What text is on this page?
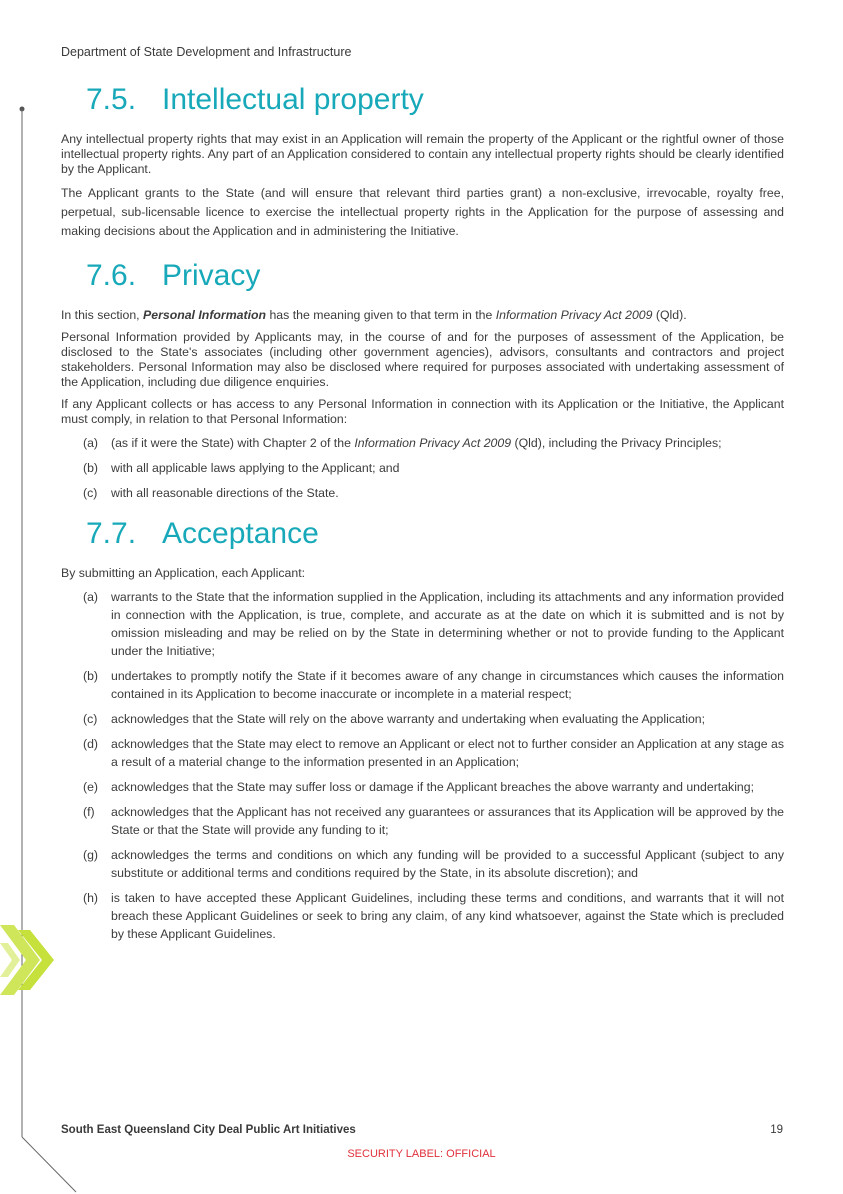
Department of State Development and Infrastructure
7.5. Intellectual property

Any intellectual property rights that may exist in an Application will remain the property of the Applicant or the rightful owner of those intellectual property rights. Any part of an Application considered to contain any intellectual property rights should be clearly identified by the Applicant.

The Applicant grants to the State (and will ensure that relevant third parties grant) a non-exclusive, irrevocable, royalty free, perpetual, sub-licensable licence to exercise the intellectual property rights in the Application for the purpose of assessing and making decisions about the Application and in administering the Initiative.

7.6. Privacy

In this section, Personal Information has the meaning given to that term in the Information Privacy Act 2009 (Qld).

Personal Information provided by Applicants may, in the course of and for the purposes of assessment of the Application, be disclosed to the State's associates (including other government agencies), advisors, consultants and contractors and project stakeholders. Personal Information may also be disclosed where required for purposes associated with undertaking assessment of the Application, including due diligence enquiries.

If any Applicant collects or has access to any Personal Information in connection with its Application or the Initiative, the Applicant must comply, in relation to that Personal Information:

(a)	(as if it were the State) with Chapter 2 of the Information Privacy Act 2009 (Qld), including the Privacy Principles;
(b)	with all applicable laws applying to the Applicant; and
(c)	with all reasonable directions of the State.
7.7. Acceptance

By submitting an Application, each Applicant:

(a)	warrants to the State that the information supplied in the Application, including its attachments and any information provided in connection with the Application, is true, complete, and accurate as at the date on which it is submitted and is not by omission misleading and may be relied on by the State in determining whether or not to provide funding to the Applicant under the Initiative;
(b)	undertakes to promptly notify the State if it becomes aware of any change in circumstances which causes the information contained in its Application to become inaccurate or incomplete in a material respect;
(c)	acknowledges that the State will rely on the above warranty and undertaking when evaluating the Application;
(d)	acknowledges that the State may elect to remove an Applicant or elect not to further consider an Application at any stage as a result of a material change to the information presented in an Application;
(e)	acknowledges that the State may suffer loss or damage if the Applicant breaches the above warranty and undertaking;
(f)	acknowledges that the Applicant has not received any guarantees or assurances that its Application will be approved by the State or that the State will provide any funding to it;
(g)	acknowledges the terms and conditions on which any funding will be provided to a successful Applicant (subject to any substitute or additional terms and conditions required by the State, in its absolute discretion); and
(h)	is taken to have accepted these Applicant Guidelines, including these terms and conditions, and warrants that it will not breach these Applicant Guidelines or seek to bring any claim, of any kind whatsoever, against the State which is precluded by these Applicant Guidelines.
South East Queensland City Deal Public Art Initiatives	19
SECURITY LABEL: OFFICIAL
